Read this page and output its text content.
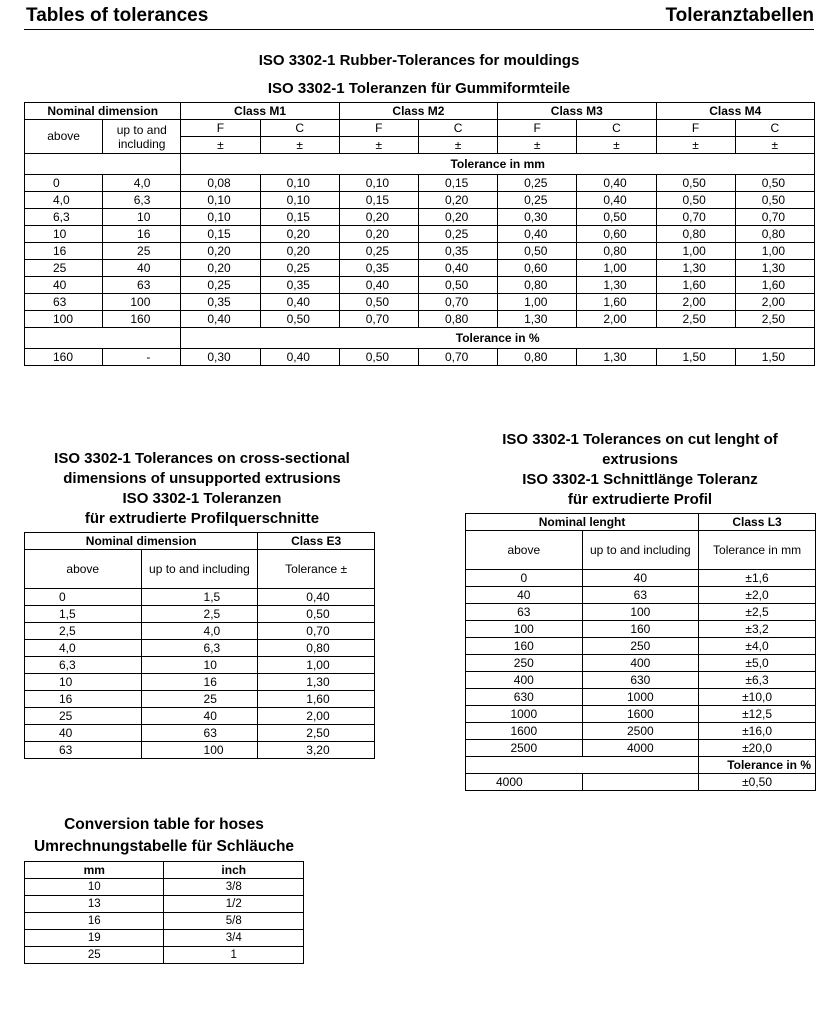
Tables of tolerances	Toleranztabellen
ISO 3302-1 Rubber-Tolerances for mouldings
ISO 3302-1 Toleranzen für Gummiformteile
Nominal dimension		Class M1		Class M2		Class M3		Class M4	
above	up to and including	F	C	F	C	F	C	F	C
		±	±	±	±	±	±	±	±
		Tolerance in mm							
0	4,0	0,08	0,10	0,10	0,15	0,25	0,40	0,50	0,50
4,0	6,3	0,10	0,10	0,15	0,20	0,25	0,40	0,50	0,50
6,3	10	0,10	0,15	0,20	0,20	0,30	0,50	0,70	0,70
10	16	0,15	0,20	0,20	0,25	0,40	0,60	0,80	0,80
16	25	0,20	0,20	0,25	0,35	0,50	0,80	1,00	1,00
25	40	0,20	0,25	0,35	0,40	0,60	1,00	1,30	1,30
40	63	0,25	0,35	0,40	0,50	0,80	1,30	1,60	1,60
63	100	0,35	0,40	0,50	0,70	1,00	1,60	2,00	2,00
100	160	0,40	0,50	0,70	0,80	1,30	2,00	2,50	2,50
		Tolerance in %							
160	-	0,30	0,40	0,50	0,70	0,80	1,30	1,50	1,50
ISO 3302-1 Tolerances on cross-sectional
dimensions of unsupported extrusions
ISO 3302-1 Toleranzen
für extrudierte Profilquerschnitte
Nominal dimension		Class E3
above	up to and including	Tolerance ±
0	1,5	0,40
1,5	2,5	0,50
2,5	4,0	0,70
4,0	6,3	0,80
6,3	10	1,00
10	16	1,30
16	25	1,60
25	40	2,00
40	63	2,50
63	100	3,20
ISO 3302-1 Tolerances on cut lenght of
extrusions
ISO 3302-1 Schnittlänge Toleranz
für extrudierte Profil
Nominal lenght		Class L3
above	up to and including	Tolerance in mm
0	40	±1,6
40	63	±2,0
63	100	±2,5
100	160	±3,2
160	250	±4,0
250	400	±5,0
400	630	±6,3
630	1000	±10,0
1000	1600	±12,5
1600	2500	±16,0
2500	4000	±20,0
		Tolerance in %
4000		±0,50
Conversion table for hoses
Umrechnungstabelle für Schläuche
mm	inch
10	3/8
13	1/2
16	5/8
19	3/4
25	1
